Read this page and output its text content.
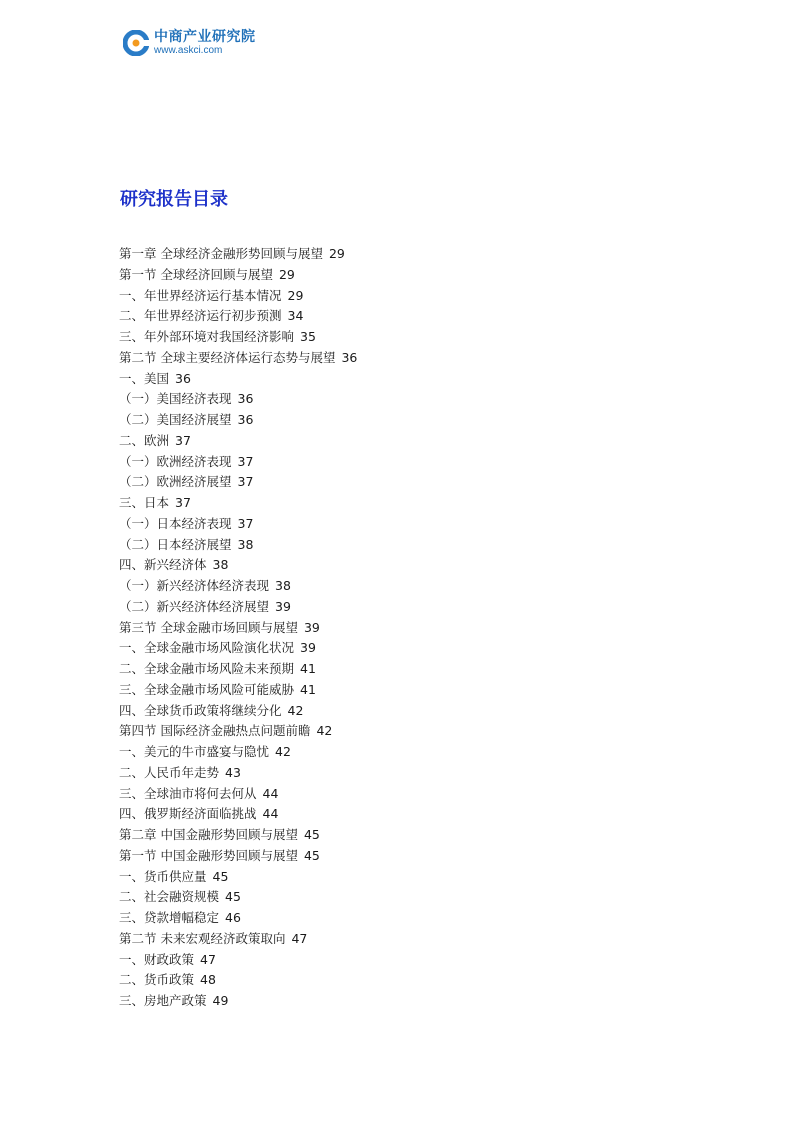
中商产业研究院
www.askci.com
研究报告目录
第一章 全球经济金融形势回顾与展望 29
第一节 全球经济回顾与展望 29
一、年世界经济运行基本情况 29
二、年世界经济运行初步预测 34
三、年外部环境对我国经济影响 35
第二节 全球主要经济体运行态势与展望 36
一、美国 36
（一）美国经济表现 36
（二）美国经济展望 36
二、欧洲 37
（一）欧洲经济表现 37
（二）欧洲经济展望 37
三、日本 37
（一）日本经济表现 37
（二）日本经济展望 38
四、新兴经济体 38
（一）新兴经济体经济表现 38
（二）新兴经济体经济展望 39
第三节 全球金融市场回顾与展望 39
一、全球金融市场风险演化状况 39
二、全球金融市场风险未来预期 41
三、全球金融市场风险可能威胁 41
四、全球货币政策将继续分化 42
第四节 国际经济金融热点问题前瞻 42
一、美元的牛市盛宴与隐忧 42
二、人民币年走势 43
三、全球油市将何去何从 44
四、俄罗斯经济面临挑战 44
第二章 中国金融形势回顾与展望 45
第一节 中国金融形势回顾与展望 45
一、货币供应量 45
二、社会融资规模 45
三、贷款增幅稳定 46
第二节 未来宏观经济政策取向 47
一、财政政策 47
二、货币政策 48
三、房地产政策 49
